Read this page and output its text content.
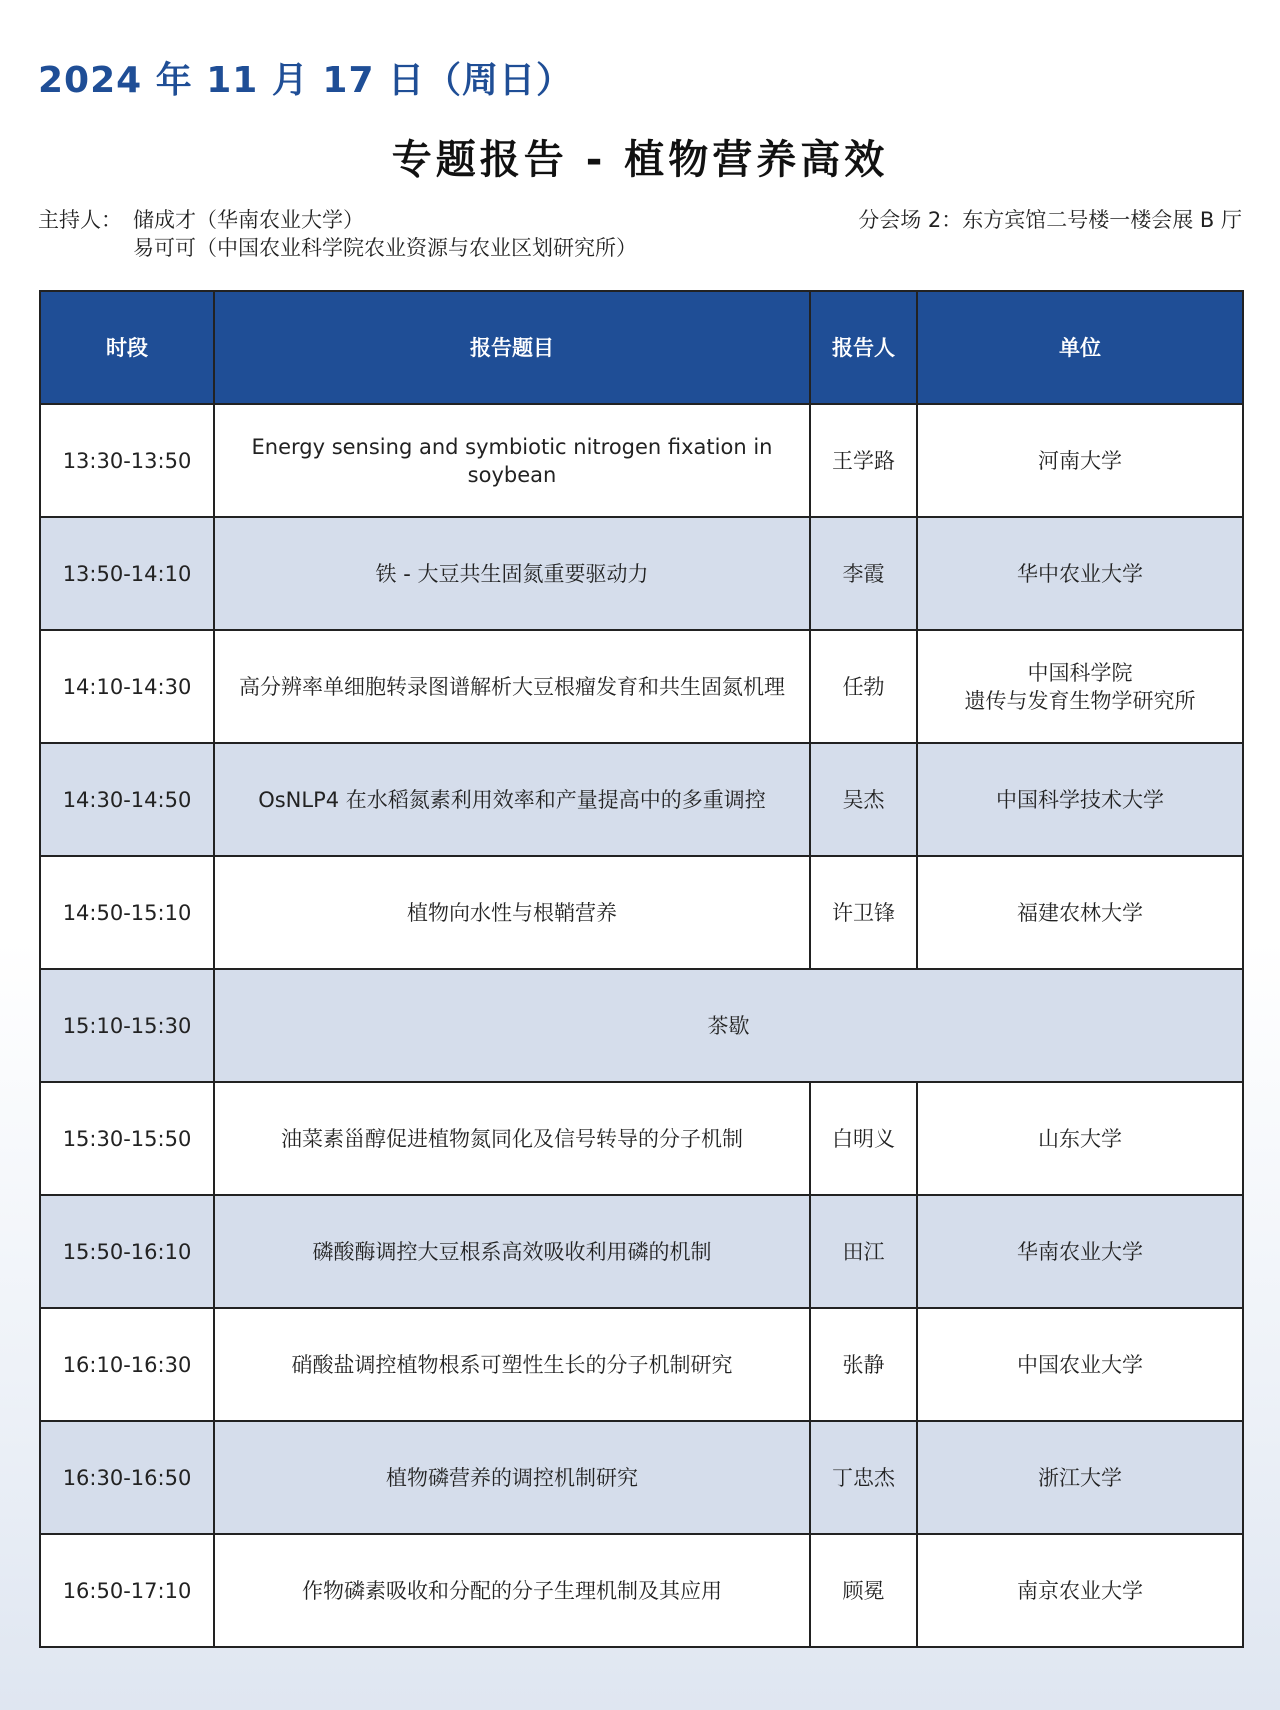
2024 年 11 月 17 日（周日）
专题报告 - 植物营养高效
主持人： 储成才（华南农业大学）
易可可（中国农业科学院农业资源与农业区划研究所）
分会场 2：东方宾馆二号楼一楼会展 B 厅
时段	报告题目	报告人	单位
13:30-13:50	Energy sensing and symbiotic nitrogen fixation in soybean	王学路	河南大学
13:50-14:10	铁 - 大豆共生固氮重要驱动力	李霞	华中农业大学
14:10-14:30	高分辨率单细胞转录图谱解析大豆根瘤发育和共生固氮机理	任勃	中国科学院
遗传与发育生物学研究所

14:30-14:50	OsNLP4 在水稻氮素利用效率和产量提高中的多重调控	吴杰	中国科学技术大学
14:50-15:10	植物向水性与根鞘营养	许卫锋	福建农林大学
15:10-15:30	茶歇		
15:30-15:50	油菜素甾醇促进植物氮同化及信号转导的分子机制	白明义	山东大学
15:50-16:10	磷酸酶调控大豆根系高效吸收利用磷的机制	田江	华南农业大学
16:10-16:30	硝酸盐调控植物根系可塑性生长的分子机制研究	张静	中国农业大学
16:30-16:50	植物磷营养的调控机制研究	丁忠杰	浙江大学
16:50-17:10	作物磷素吸收和分配的分子生理机制及其应用	顾冕	南京农业大学
